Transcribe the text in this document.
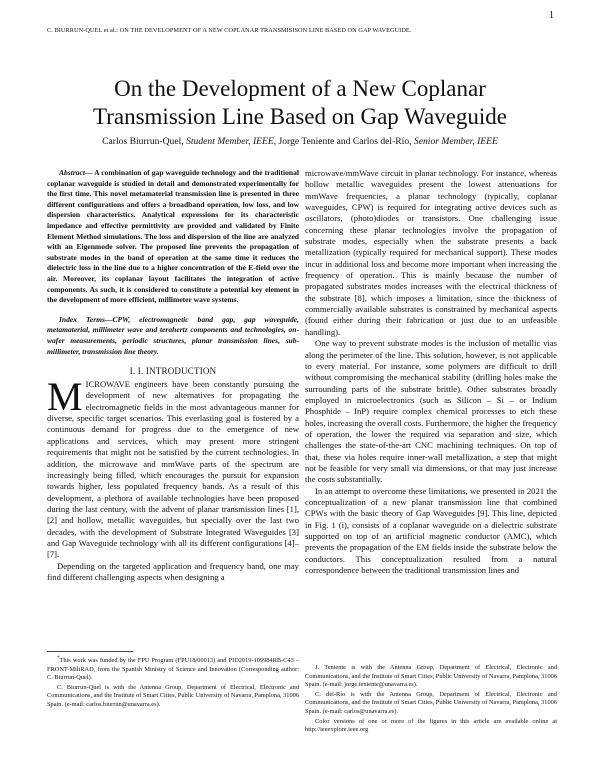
1
C. BIURRUN-QUEL et al.: ON THE DEVELOPMENT OF A NEW COPLANAR TRANSMISISON LINE BASED ON GAP WAVEGUIDE.
On the Development of a New Coplanar
Transmission Line Based on Gap Waveguide
Carlos Biurrun-Quel, Student Member, IEEE, Jorge Teniente and Carlos del-Río, Senior Member, IEEE

Abstract— A combination of gap waveguide technology and the traditional coplanar waveguide is studied in detail and demonstrated experimentally for the first time. This novel metamaterial transmission line is presented in three different configurations and offers a broadband operation, low loss, and low dispersion characteristics. Analytical expressions for its characteristic impedance and effective permittivity are provided and validated by Finite Element Method simulations. The loss and dispersion of the line are analyzed with an Eigenmode solver. The proposed line prevents the propagation of substrate modes in the band of operation at the same time it reduces the dielectric loss in the line due to a higher concentration of the E-field over the air. Moreover, its coplanar layout facilitates the integration of active components. As such, it is considered to constitute a potential key element in the development of more efficient, millimeter wave systems.

Index Terms—CPW, electromagnetic band gap, gap waveguide, metamaterial, millimeter wave and terahertz components and technologies, on-wafer measurements, periodic structures, planar transmission lines, sub-millimeter, transmission line theory.

I. I. INTRODUCTION

MICROWAVE engineers have been constantly pursuing the development of new alternatives for propagating the electromagnetic fields in the most advantageous manner for diverse, specific target scenarios. This everlasting goal is fostered by a continuous demand for progress due to the emergence of new applications and services, which may present more stringent requirements that might not be satisfied by the current technologies. In addition, the microwave and mmWave parts of the spectrum are increasingly being filled, which encourages the pursuit for expansion towards higher, less populated frequency bands. As a result of this development, a plethora of available technologies have been proposed during the last century, with the advent of planar transmission lines [1], [2] and hollow, metallic waveguides, but specially over the last two decades, with the development of Substrate Integrated Waveguides [3] and Gap Waveguide technology with all its different configurations [4]–[7].

Depending on the targeted application and frequency band, one may find different challenging aspects when designing a

microwave/mmWave circuit in planar technology. For instance, whereas hollow metallic waveguides present the lowest attenuations for mmWave frequencies, a planar technology (typically, coplanar waveguides, CPW) is required for integrating active devices such as oscillators, (photo)diodes or transistors. One challenging issue concerning these planar technologies involve the propagation of substrate modes, especially when the substrate presents a back metallization (typically required for mechanical support). These modes incur in additional loss and become more important when increasing the frequency of operation. This is mainly because the number of propagated substrates modes increases with the electrical thickness of the substrate [8], which imposes a limitation, since the thickness of commercially available substrates is constrained by mechanical aspects (found either during their fabrication or just due to an unfeasible handling).

One way to prevent substrate modes is the inclusion of metallic vias along the perimeter of the line. This solution, however, is not applicable to every material. For instance, some polymers are difficult to drill without compromising the mechanical stability (drilling holes make the surrounding parts of the substrate brittle). Other substrates broadly employed in microelectronics (such as Silicon – Si – or Indium Phosphide – InP) require complex chemical processes to etch these holes, increasing the overall costs. Furthermore, the higher the frequency of operation, the lower the required via separation and size, which challenges the state-of-the-art CNC machining techniques. On top of that, these via holes require inner-wall metallization, a step that might not be feasible for very small via dimensions, or that may just increase the costs substantially.

In an attempt to overcome these limitations, we presented in 2021 the conceptualization of a new planar transmission line that combined CPWs with the basic theory of Gap Waveguides [9]. This line, depicted in Fig. 1 (i), consists of a coplanar waveguide on a dielectric substrate supported on top of an artificial magnetic conductor (AMC), which prevents the propagation of the EM fields inside the substrate below the conductors. This conceptualization resulted from a natural correspondence between the traditional transmission lines and

*This work was funded by the FPU Program (FPU18/00013) and PID2019-109984RB-C43 – FRONT-MiliRAD, from the Spanish Ministry of Science and Innovation (Corresponding author: C. Biurrun-Quel).

C. Biurrun-Quel is with the Antenna Group, Department of Electrical, Electronic and Communications, and the Institute of Smart Cities, Public University of Navarra, Pamplona, 31006 Spain. (e-mail: carlos.biurrun@unavarra.es).

J. Teniente is with the Antenna Group, Department of Electrical, Electronic and Communications, and the Institute of Smart Cities, Public University of Navarra, Pamplona, 31006 Spain. (e-mail: jorge.teniente@unavarra.es).

C. del-Río is with the Antenna Group, Department of Electrical, Electronic and Communications, and the Institute of Smart Cities, Public University of Navarra, Pamplona, 31006 Spain. (e-mail: carlos@unavarra.es).

Color versions of one or more of the figures in this article are available online at http://ieeexplore.ieee.org
